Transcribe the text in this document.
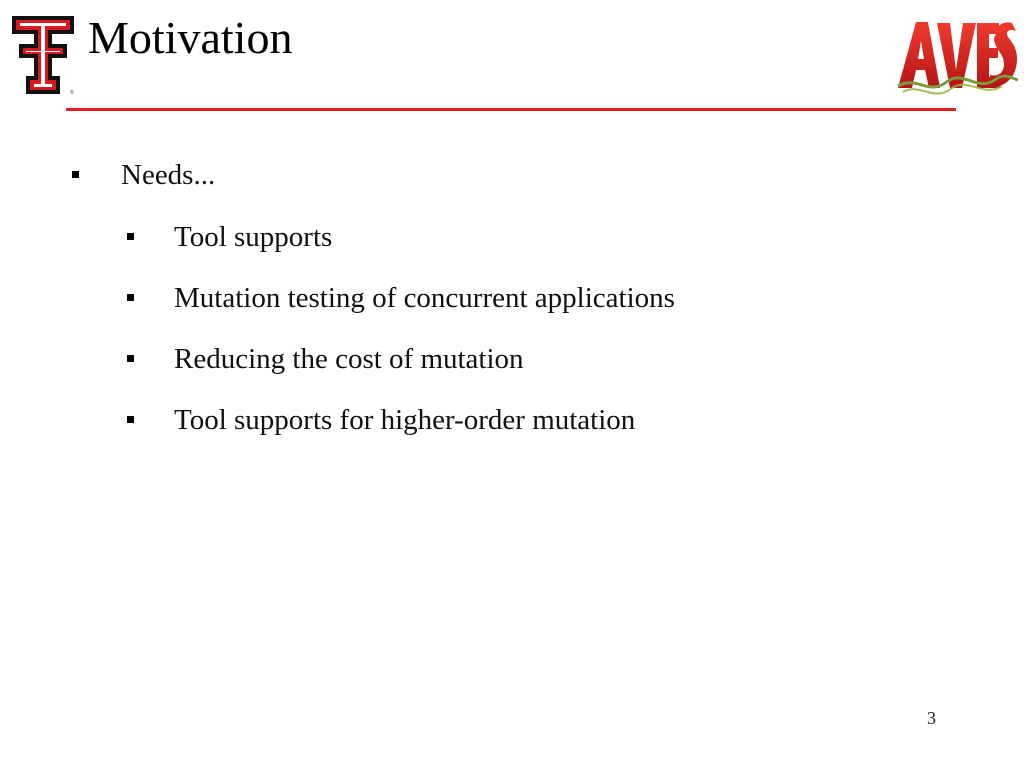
®
Motivation
Needs...
Tool supports
Mutation testing of concurrent applications
Reducing the cost of mutation
Tool supports for higher-order mutation
3
